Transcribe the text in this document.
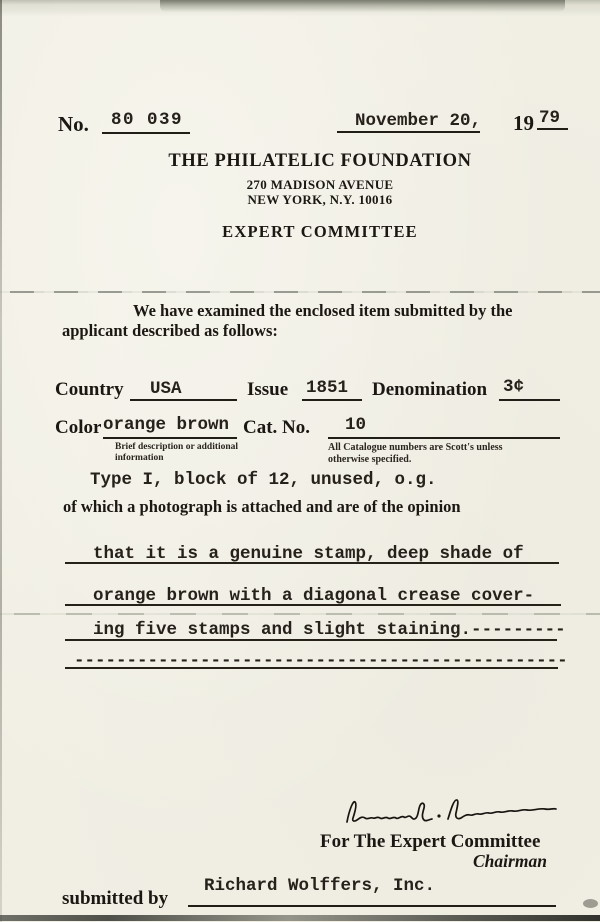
No. 80 039	November 20, 19 79
THE PHILATELIC FOUNDATION
270 MADISON AVENUE
NEW YORK, N.Y. 10016
EXPERT COMMITTEE
We have examined the enclosed item submitted by the
applicant described as follows:
Country USA	Issue 1851 Denomination 3¢
Color orange brown Cat. No. 10
Brief description or additional information
All Catalogue numbers are Scott's unless otherwise specified.
Type I, block of 12, unused, o.g.
of which a photograph is attached and are of the opinion
that it is a genuine stamp, deep shade of
orange brown with a diagonal crease cover-
ing five stamps and slight staining.---------
-----------------------------------------------
For The Expert Committee
Chairman
Richard Wolffers, Inc.
submitted by
